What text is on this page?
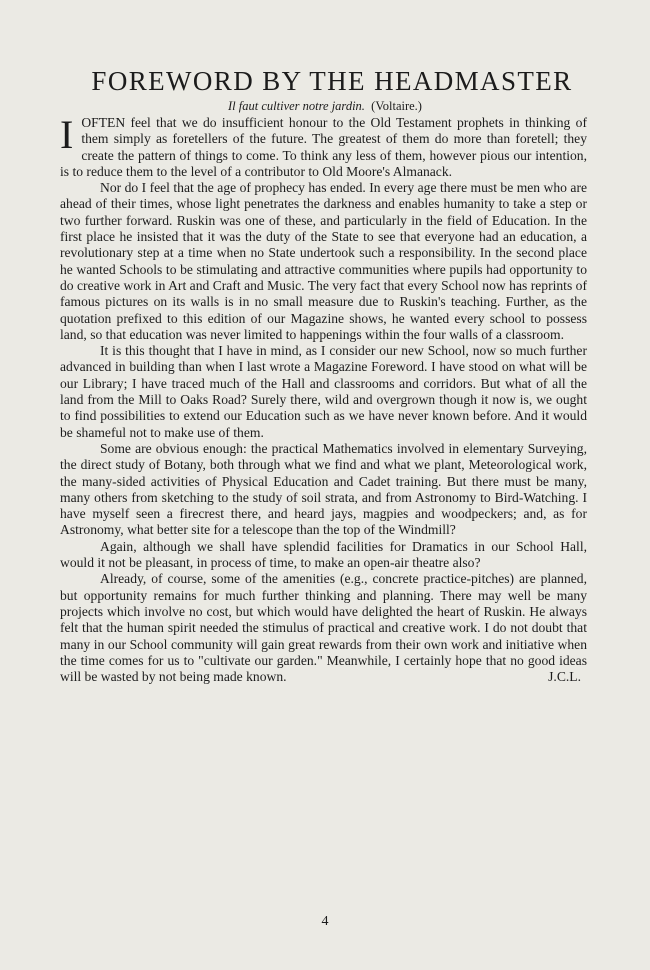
FOREWORD BY THE HEADMASTER
Il faut cultiver notre jardin. (Voltaire.)

IOFTEN feel that we do insufficient honour to the Old Testament prophets in thinking of them simply as foretellers of the future. The greatest of them do more than foretell; they create the pattern of things to come. To think any less of them, however pious our intention, is to reduce them to the level of a contributor to Old Moore's Almanack.

Nor do I feel that the age of prophecy has ended. In every age there must be men who are ahead of their times, whose light penetrates the darkness and enables humanity to take a step or two further forward. Ruskin was one of these, and particularly in the field of Education. In the first place he insisted that it was the duty of the State to see that everyone had an education, a revolutionary step at a time when no State undertook such a responsibility. In the second place he wanted Schools to be stimulating and attractive communities where pupils had opportunity to do creative work in Art and Craft and Music. The very fact that every School now has reprints of famous pictures on its walls is in no small measure due to Ruskin's teaching. Further, as the quotation prefixed to this edition of our Magazine shows, he wanted every school to possess land, so that education was never limited to happenings within the four walls of a classroom.

It is this thought that I have in mind, as I consider our new School, now so much further advanced in building than when I last wrote a Magazine Foreword. I have stood on what will be our Library; I have traced much of the Hall and classrooms and corridors. But what of all the land from the Mill to Oaks Road? Surely there, wild and overgrown though it now is, we ought to find possibilities to extend our Education such as we have never known before. And it would be shameful not to make use of them.

Some are obvious enough: the practical Mathematics involved in elementary Surveying, the direct study of Botany, both through what we find and what we plant, Meteorological work, the many-sided activities of Physical Education and Cadet training. But there must be many, many others from sketching to the study of soil strata, and from Astronomy to Bird-Watching. I have myself seen a firecrest there, and heard jays, magpies and woodpeckers; and, as for Astronomy, what better site for a telescope than the top of the Windmill?

Again, although we shall have splendid facilities for Dramatics in our School Hall, would it not be pleasant, in process of time, to make an open-air theatre also?

Already, of course, some of the amenities (e.g., concrete practice-pitches) are planned, but opportunity remains for much further thinking and planning. There may well be many projects which involve no cost, but which would have delighted the heart of Ruskin. He always felt that the human spirit needed the stimulus of practical and creative work. I do not doubt that many in our School community will gain great rewards from their own work and initiative when the time comes for us to "cultivate our garden." Meanwhile, I certainly hope that no good ideas will be wasted by not being made known.	J.C.L.

4
